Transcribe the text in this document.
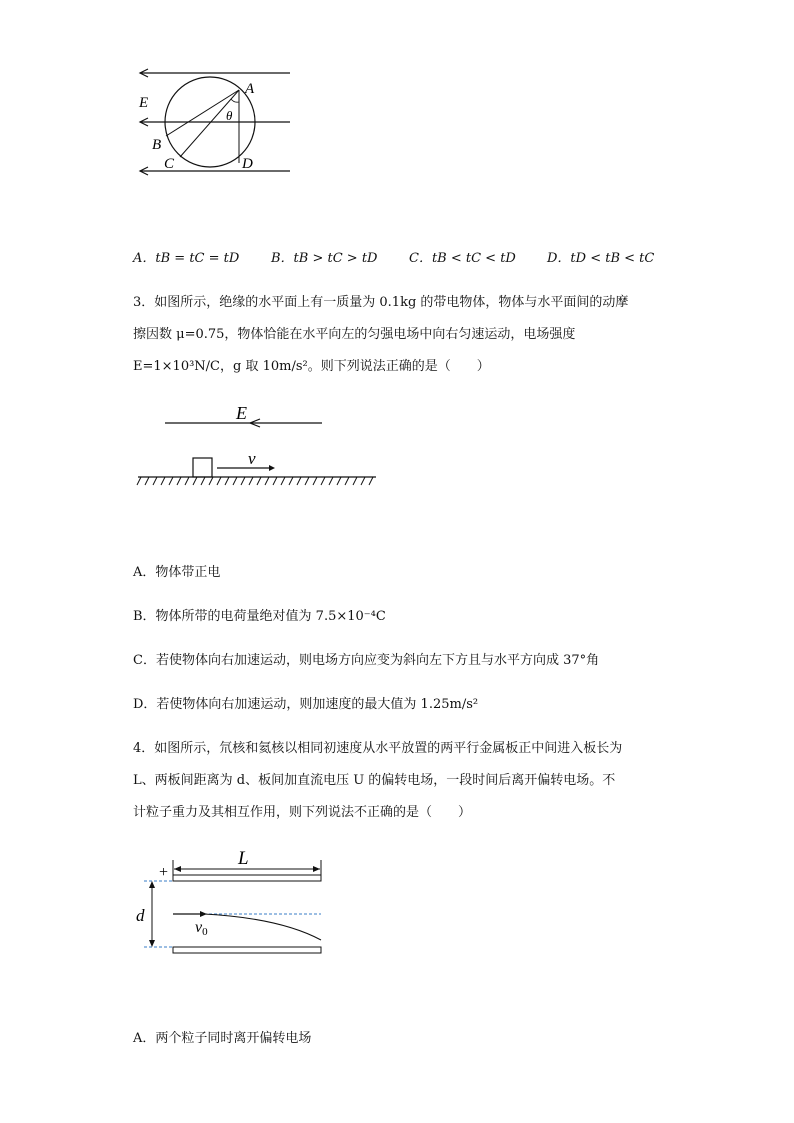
E
A
θ
B
C	D
A．tB = tC = tD B．tB > tC > tD C．tB < tC < tD D．tD < tB < tC
3．如图所示，绝缘的水平面上有一质量为 0.1kg 的带电物体，物体与水平面间的动摩
擦因数 μ=0.75，物体恰能在水平向左的匀强电场中向右匀速运动，电场强度
E=1×10³N/C，g 取 10m/s²。则下列说法正确的是（　　）
E
v
A．物体带正电
B．物体所带的电荷量绝对值为 7.5×10⁻⁴C
C．若使物体向右加速运动，则电场方向应变为斜向左下方且与水平方向成 37°角
D．若使物体向右加速运动，则加速度的最大值为 1.25m/s²
4．如图所示，氘核和氦核以相同初速度从水平放置的两平行金属板正中间进入板长为
L、两板间距离为 d、板间加直流电压 U 的偏转电场，一段时间后离开偏转电场。不
计粒子重力及其相互作用，则下列说法不正确的是（　　）
L
+
d
v0
A．两个粒子同时离开偏转电场
